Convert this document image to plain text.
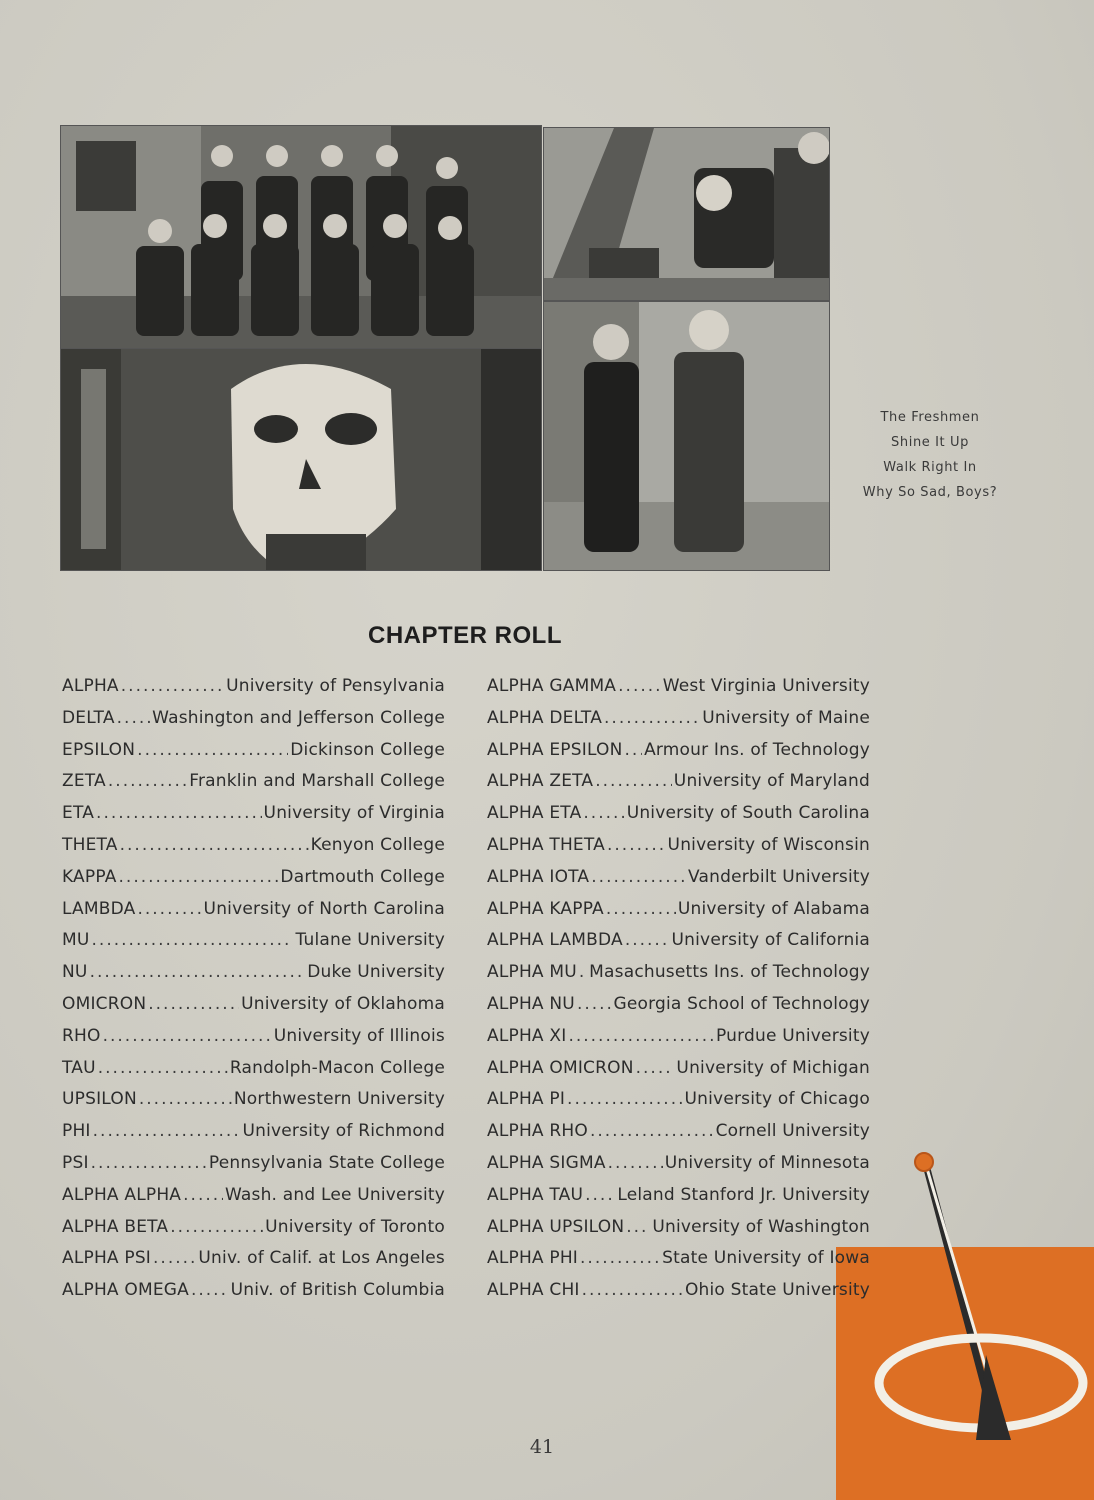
The Freshmen
Shine It Up
Walk Right In
Why So Sad, Boys?
CHAPTER ROLL
ALPHA .....	University of Pensylvania
DELTA ..... Washington and Jefferson College
EPSILON .....	Dickinson College
ZETA .....	Franklin and Marshall College
ETA .....	University of Virginia
THETA .....	Kenyon College
KAPPA .....	Dartmouth College
LAMBDA .....	University of North Carolina
MU .....	Tulane University
NU .....	Duke University
OMICRON .....	University of Oklahoma
RHO .....	University of Illinois
TAU .....	Randolph-Macon College
UPSILON .....	Northwestern University
PHI .....	University of Richmond
PSI .....	Pennsylvania State College
ALPHA ALPHA .....	Wash. and Lee University
ALPHA BETA .....	University of Toronto
ALPHA PSI .....	Univ. of Calif. at Los Angeles
ALPHA OMEGA ..... Univ. of British Columbia
ALPHA GAMMA .....	West Virginia University
ALPHA DELTA .....	University of Maine
ALPHA EPSILON ..... Armour Ins. of Technology
ALPHA ZETA .....	University of Maryland
ALPHA ETA .....	University of South Carolina
ALPHA THETA .....	University of Wisconsin
ALPHA IOTA .....	Vanderbilt University
ALPHA KAPPA .....	University of Alabama
ALPHA LAMBDA .....	University of California
ALPHA MU ..... Masachusetts Ins. of Technology
ALPHA NU ..... Georgia School of Technology
ALPHA XI .....	Purdue University
ALPHA OMICRON .....	University of Michigan
ALPHA PI .....	University of Chicago
ALPHA RHO .....	Cornell University
ALPHA SIGMA .....	University of Minnesota
ALPHA TAU ..... Leland Stanford Jr. University
ALPHA UPSILON ..... University of Washington
ALPHA PHI .....	State University of Iowa
ALPHA CHI .....	Ohio State University
41
